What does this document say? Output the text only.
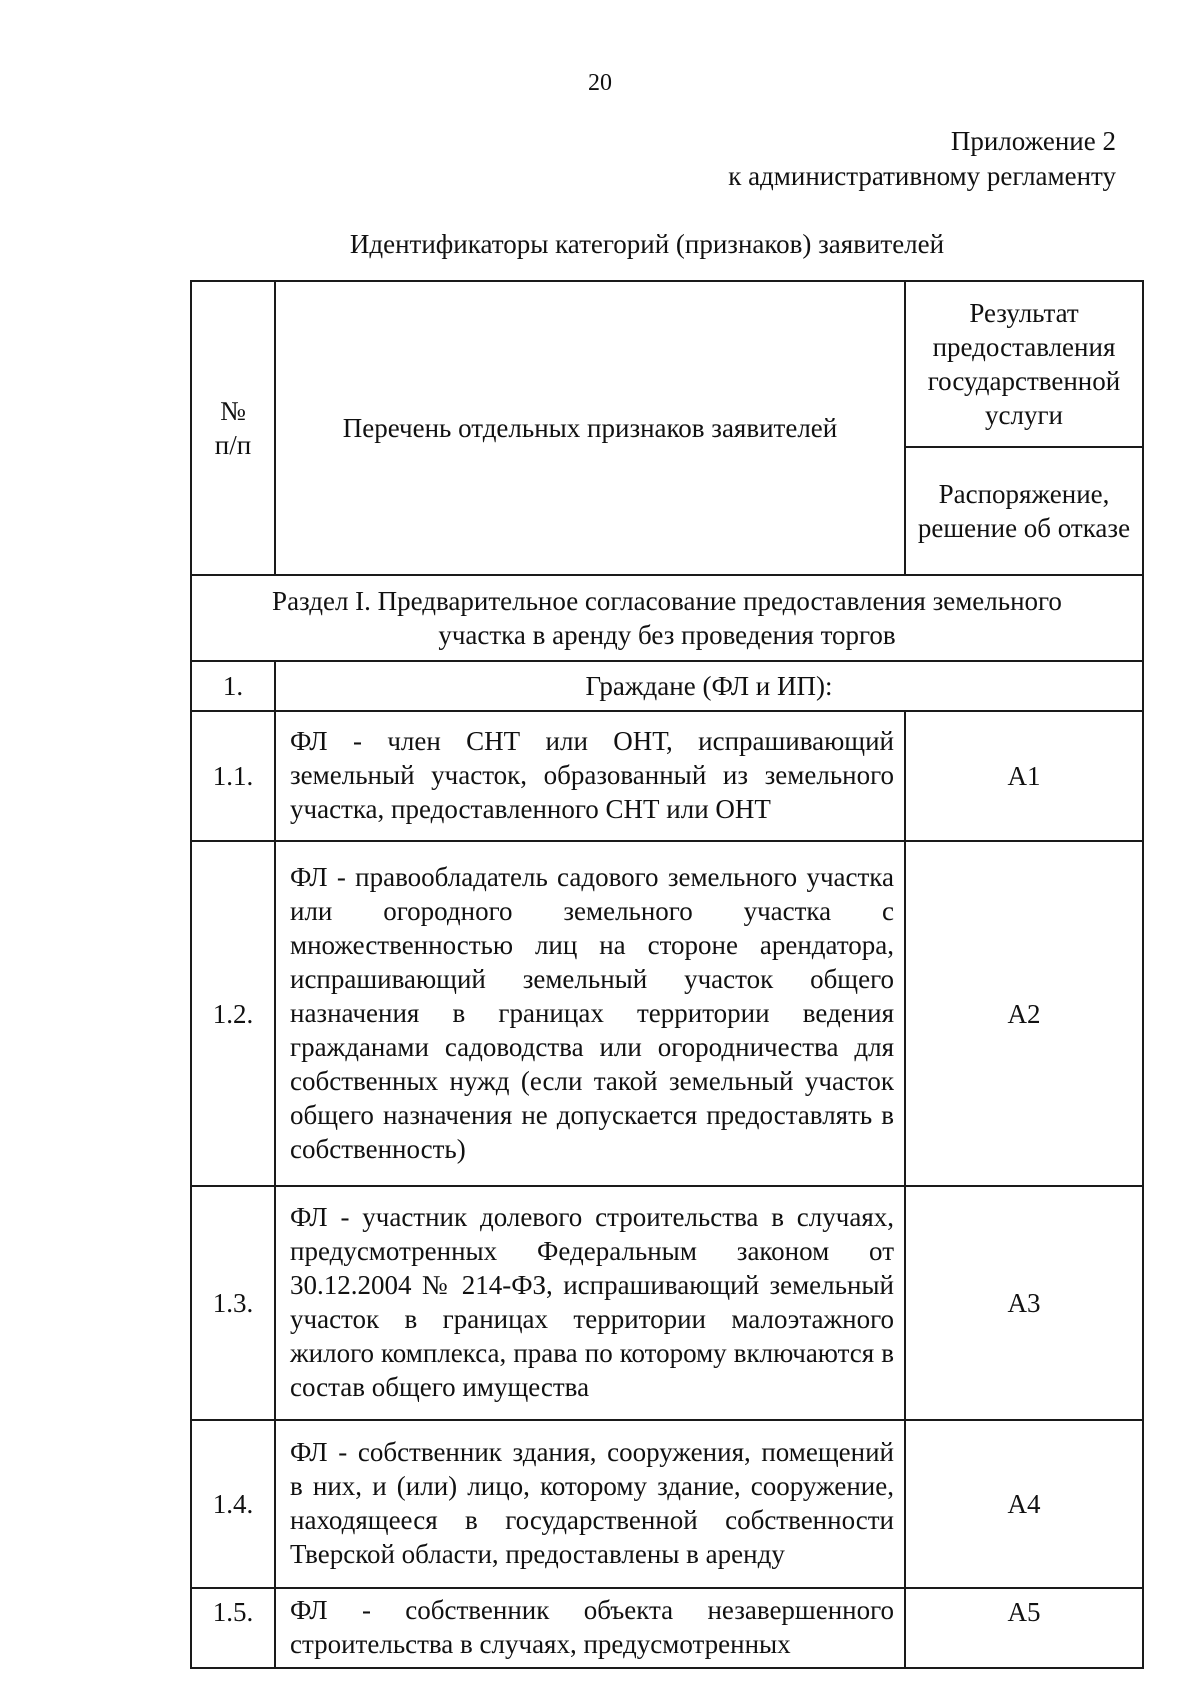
20
Приложение 2
к административному регламенту
Идентификаторы категорий (признаков) заявителей
№ п/п	Перечень отдельных признаков заявителей	Результат предоставления государственной услуги
		Распоряжение, решение об отказе
Раздел I. Предварительное согласование предоставления земельного участка в аренду без проведения торгов		
1.	Граждане (ФЛ и ИП):	
1.1.	ФЛ - член СНТ или ОНТ, испрашивающий земельный участок, образованный из земельного участка, предоставленного СНТ или ОНТ	А1
1.2.	ФЛ - правообладатель садового земельного участка или огородного земельного участка с множественностью лиц на стороне арендатора, испрашивающий земельный участок общего назначения в границах территории ведения гражданами садоводства или огородничества для собственных нужд (если такой земельный участок общего назначения не допускается предоставлять в собственность)	А2
1.3.	ФЛ - участник долевого строительства в случаях, предусмотренных Федеральным законом от 30.12.2004 № 214-ФЗ, испрашивающий земельный участок в границах территории малоэтажного жилого комплекса, права по которому включаются в состав общего имущества	А3
1.4.	ФЛ - собственник здания, сооружения, помещений в них, и (или) лицо, которому здание, сооружение, находящееся в государственной собственности Тверской области, предоставлены в аренду	А4
1.5.	ФЛ - собственник объекта незавершенного строительства в случаях, предусмотренных	А5
